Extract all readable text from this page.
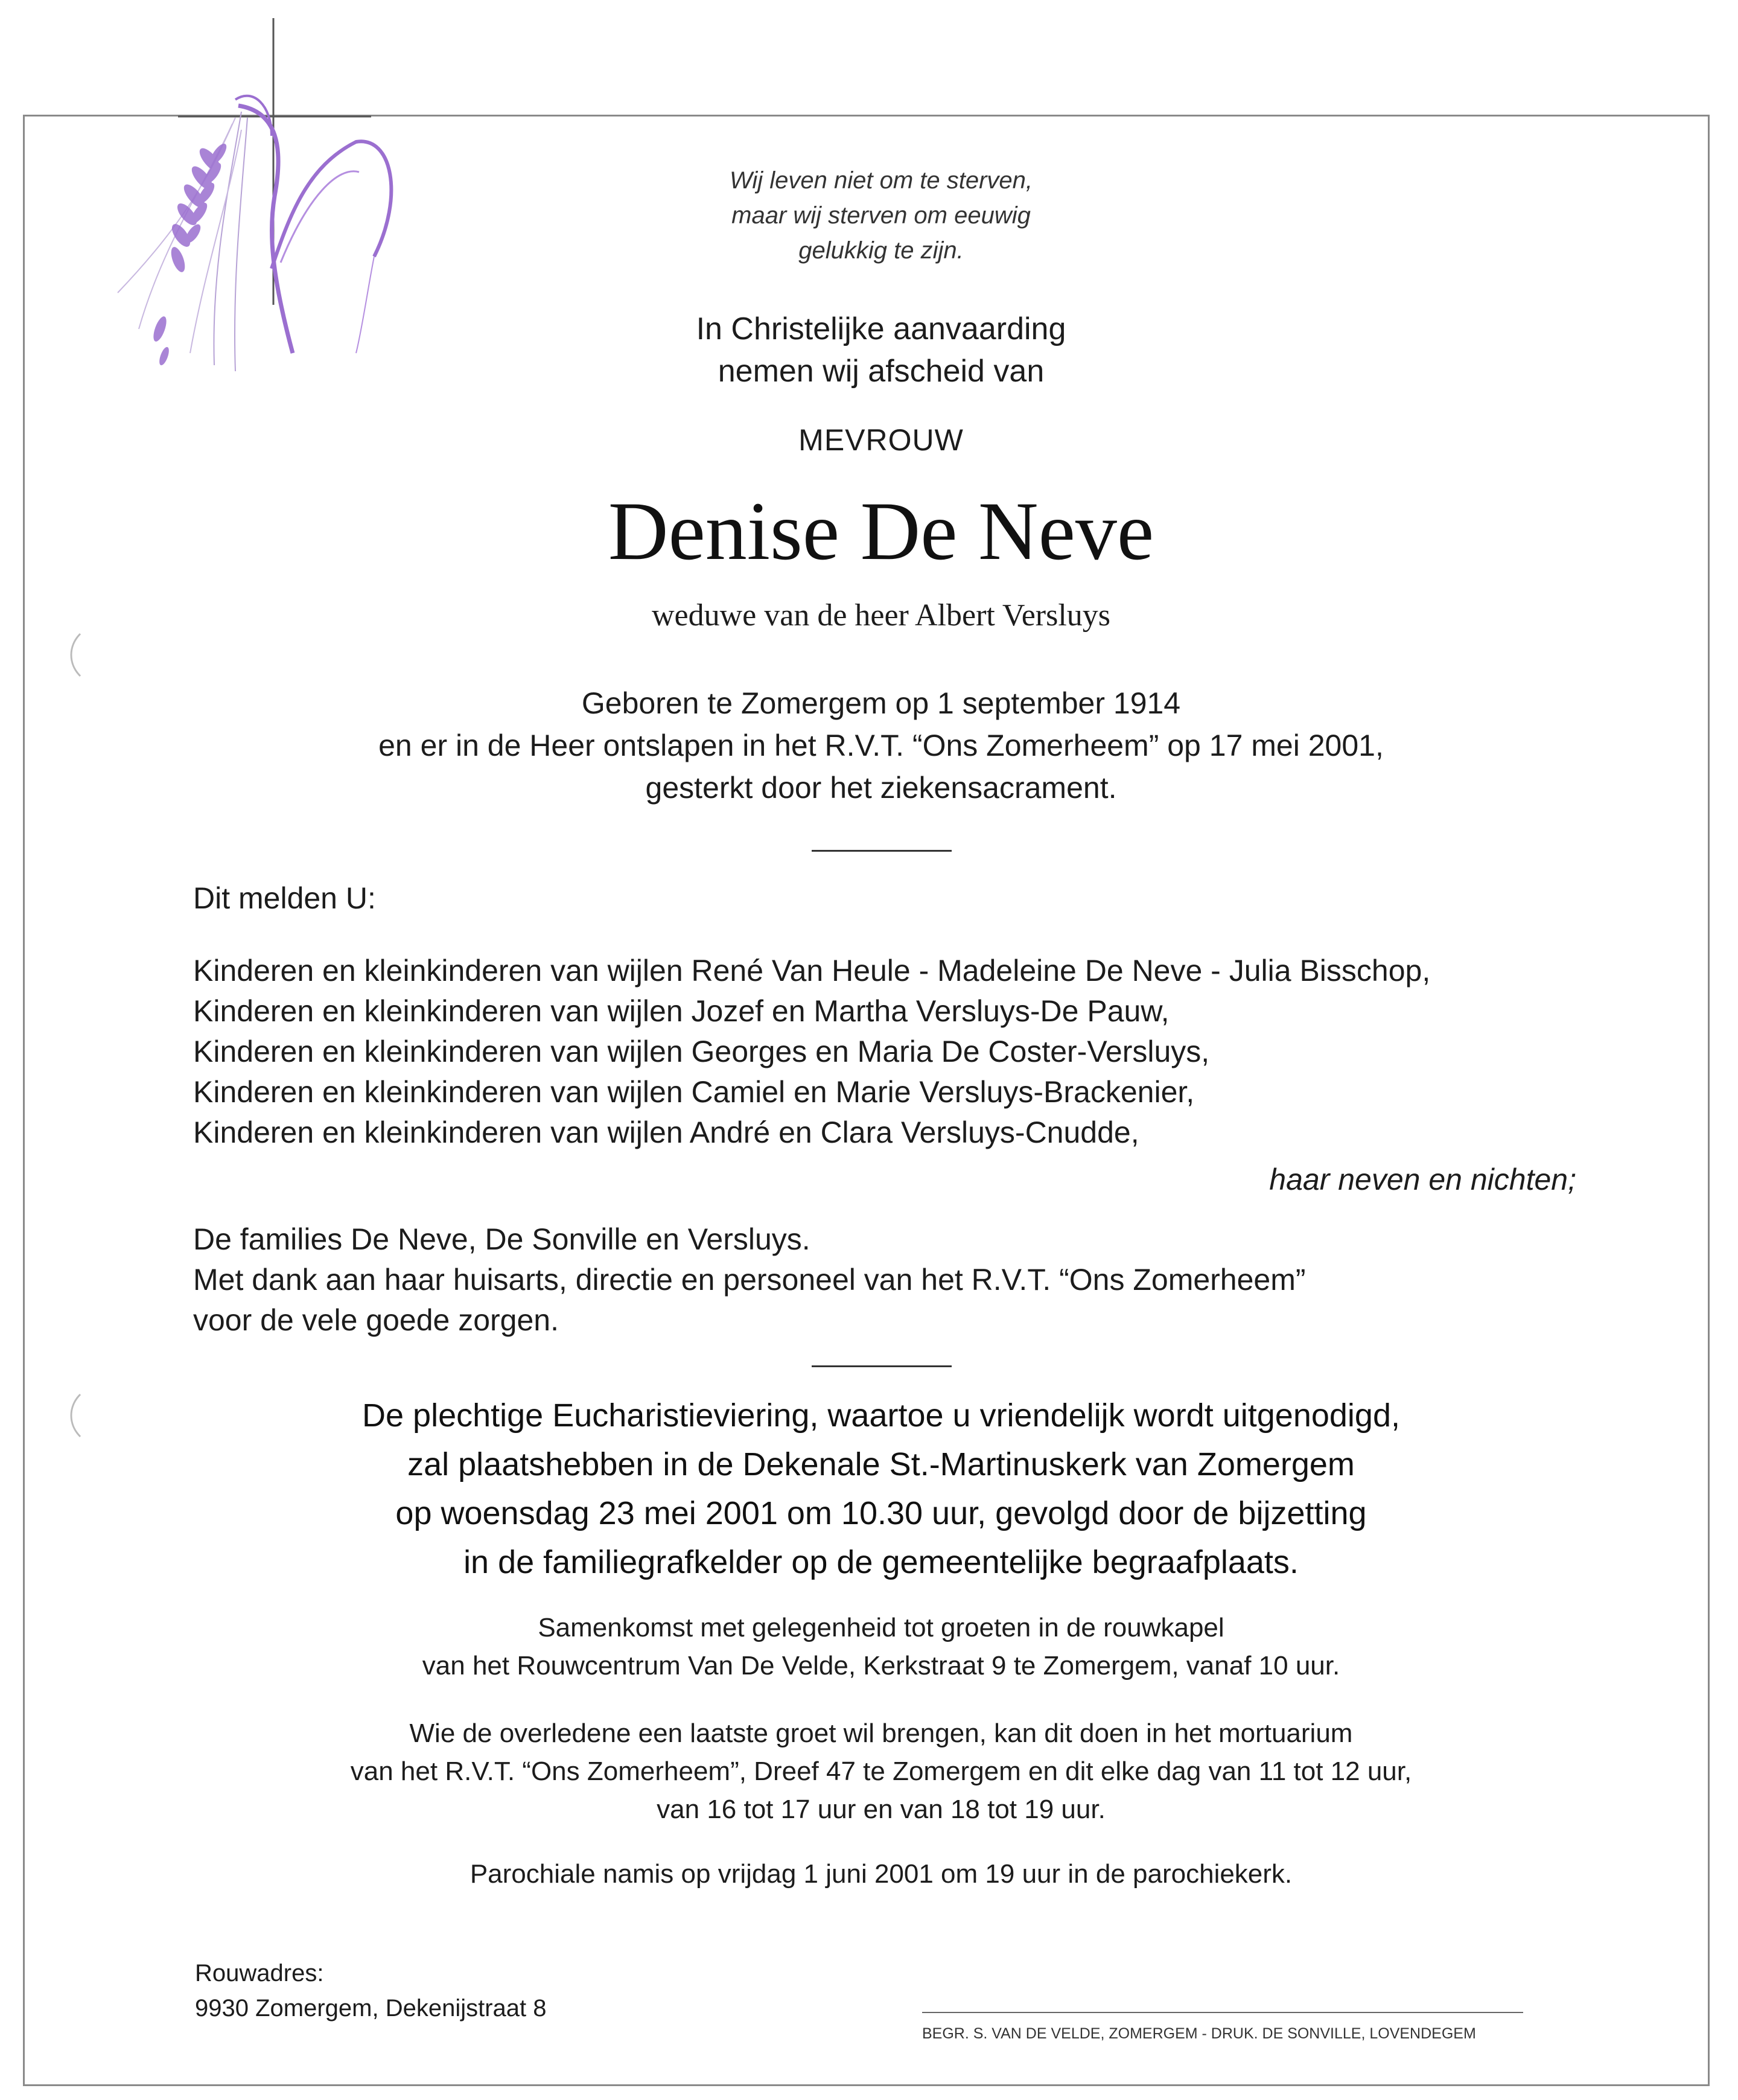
Wij leven niet om te sterven,
maar wij sterven om eeuwig
gelukkig te zijn.
In Christelijke aanvaarding
nemen wij afscheid van
MEVROUW
Denise De Neve
weduwe van de heer Albert Versluys
Geboren te Zomergem op 1 september 1914
en er in de Heer ontslapen in het R.V.T. “Ons Zomerheem” op 17 mei 2001,
gesterkt door het ziekensacrament.
Dit melden U:
Kinderen en kleinkinderen van wijlen René Van Heule - Madeleine De Neve - Julia Bisschop,
Kinderen en kleinkinderen van wijlen Jozef en Martha Versluys-De Pauw,
Kinderen en kleinkinderen van wijlen Georges en Maria De Coster-Versluys,
Kinderen en kleinkinderen van wijlen Camiel en Marie Versluys-Brackenier,
Kinderen en kleinkinderen van wijlen André en Clara Versluys-Cnudde,
haar neven en nichten;
De families De Neve, De Sonville en Versluys.
Met dank aan haar huisarts, directie en personeel van het R.V.T. “Ons Zomerheem”
voor de vele goede zorgen.
De plechtige Eucharistieviering, waartoe u vriendelijk wordt uitgenodigd,
zal plaatshebben in de Dekenale St.-Martinuskerk van Zomergem
op woensdag 23 mei 2001 om 10.30 uur, gevolgd door de bijzetting
in de familiegrafkelder op de gemeentelijke begraafplaats.
Samenkomst met gelegenheid tot groeten in de rouwkapel
van het Rouwcentrum Van De Velde, Kerkstraat 9 te Zomergem, vanaf 10 uur.
Wie de overledene een laatste groet wil brengen, kan dit doen in het mortuarium
van het R.V.T. “Ons Zomerheem”, Dreef 47 te Zomergem en dit elke dag van 11 tot 12 uur,
van 16 tot 17 uur en van 18 tot 19 uur.
Parochiale namis op vrijdag 1 juni 2001 om 19 uur in de parochiekerk.
Rouwadres:
9930 Zomergem, Dekenijstraat 8
BEGR. S. VAN DE VELDE, ZOMERGEM - DRUK. DE SONVILLE, LOVENDEGEM
